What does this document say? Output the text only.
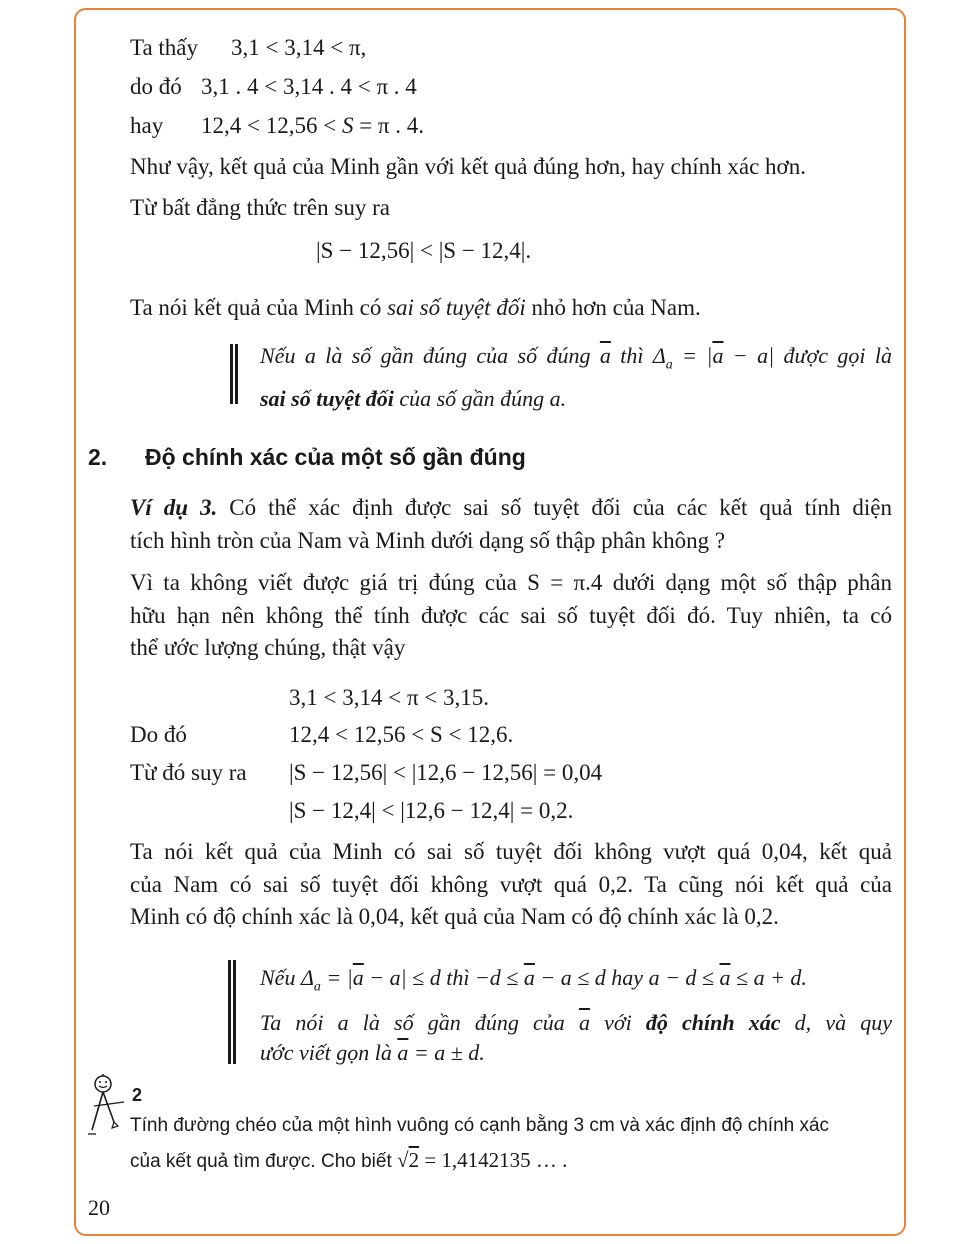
Ta thấy 3,1 < 3,14 < π,
do đó 3,1 . 4 < 3,14 . 4 < π . 4
hay 12,4 < 12,56 < S = π . 4.
Như vậy, kết quả của Minh gần với kết quả đúng hơn, hay chính xác hơn.
Từ bất đẳng thức trên suy ra
|S − 12,56| < |S − 12,4|.
Ta nói kết quả của Minh có sai số tuyệt đối nhỏ hơn của Nam.
Nếu a là số gần đúng của số đúng $\overline{a}$ thì $\Delta_a = |\overline{a} - a|$ được gọi là
sai số tuyệt đối của số gần đúng a.
2. Độ chính xác của một số gần đúng
Ví dụ 3. Có thể xác định được sai số tuyệt đối của các kết quả tính diện
tích hình tròn của Nam và Minh dưới dạng số thập phân không ?
Vì ta không viết được giá trị đúng của S = π.4 dưới dạng một số thập phân
hữu hạn nên không thể tính được các sai số tuyệt đối đó. Tuy nhiên, ta có
thể ước lượng chúng, thật vậy
3,1 < 3,14 < π < 3,15.
Do đó	12,4 < 12,56 < S < 12,6.
Từ đó suy ra |S − 12,56| < |12,6 − 12,56| = 0,04
|S − 12,4| < |12,6 − 12,4| = 0,2.
Ta nói kết quả của Minh có sai số tuyệt đối không vượt quá 0,04, kết quả
của Nam có sai số tuyệt đối không vượt quá 0,2. Ta cũng nói kết quả của
Minh có độ chính xác là 0,04, kết quả của Nam có độ chính xác là 0,2.
Nếu $\Delta_a = |\overline{a} - a| \le d$ thì $-d \le \overline{a} - a \le d$ hay $a - d \le \overline{a} \le a + d$.
Ta nói a là số gần đúng của $\overline{a}$ với độ chính xác d, và quy
ước viết gọn là $\overline{a} = a \pm d$.
2
Tính đường chéo của một hình vuông có cạnh bằng 3 cm và xác định độ chính xác
của kết quả tìm được. Cho biết √2 = 1,4142135 … .
20
